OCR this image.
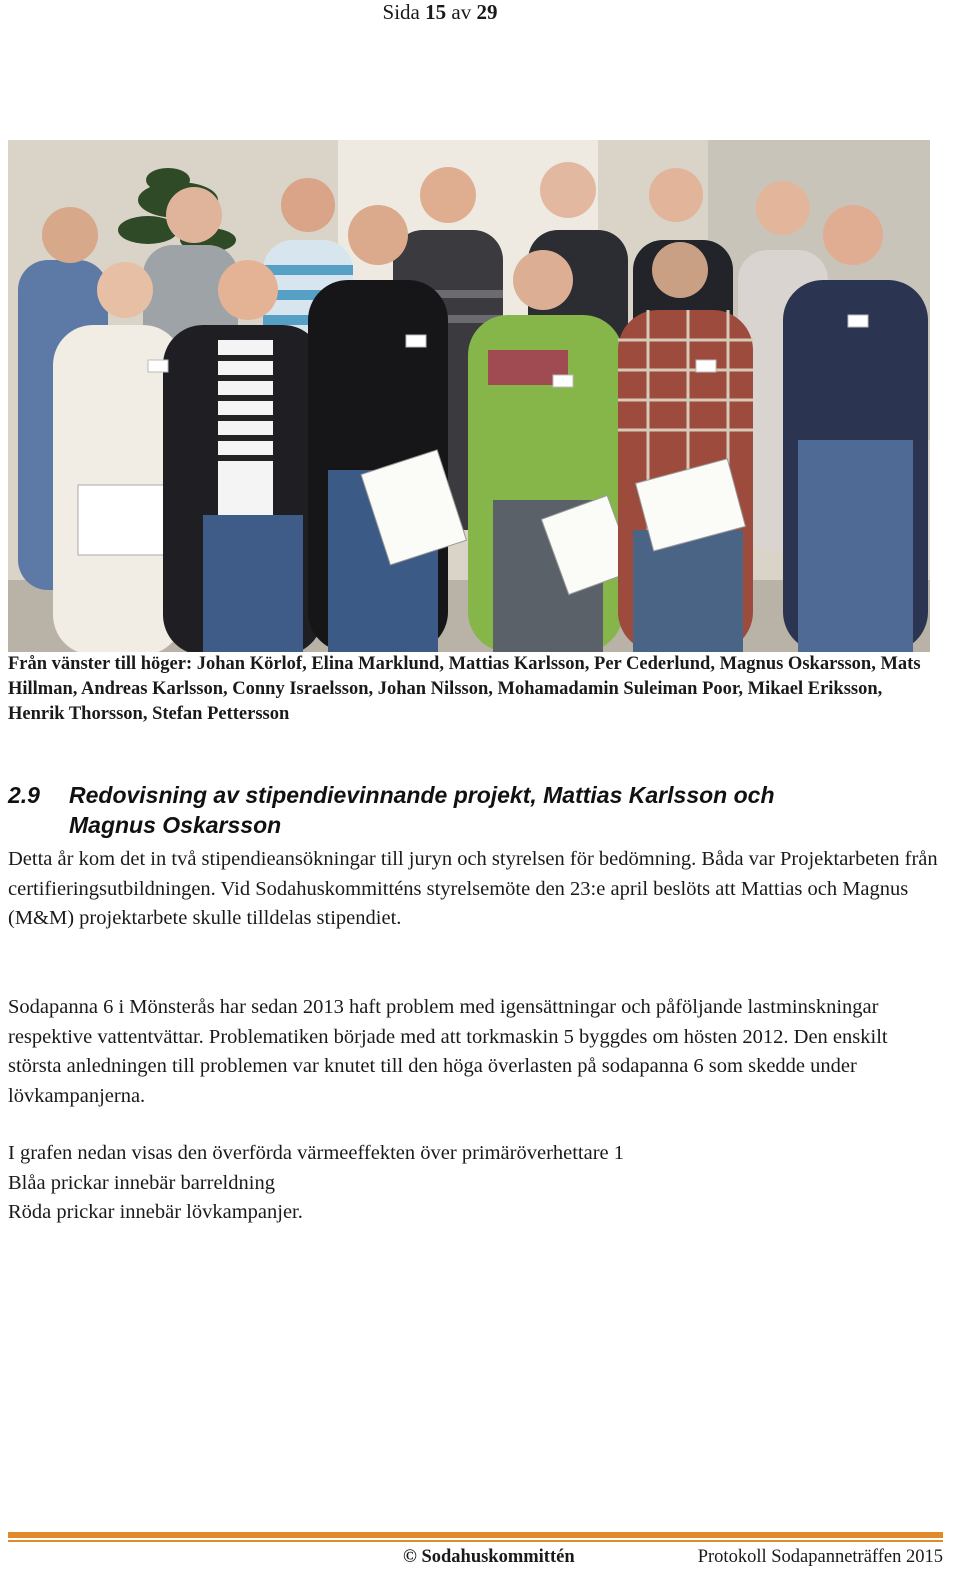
Sida 15 av 29
Från vänster till höger: Johan Körlof, Elina Marklund, Mattias Karlsson, Per Cederlund, Magnus Oskarsson, Mats Hillman, Andreas Karlsson, Conny Israelsson, Johan Nilsson, Mohamadamin Suleiman Poor, Mikael Eriksson, Henrik Thorsson, Stefan Pettersson
2.9 Redovisning av stipendievinnande projekt, Mattias Karlsson och
Magnus Oskarsson

Detta år kom det in två stipendieansökningar till juryn och styrelsen för bedömning. Båda var Projektarbeten från certifieringsutbildningen. Vid Sodahuskommitténs styrelsemöte den 23:e april beslöts att Mattias och Magnus (M&M) projektarbete skulle tilldelas stipendiet.

Sodapanna 6 i Mönsterås har sedan 2013 haft problem med igensättningar och påföljande lastminskningar respektive vattentvättar. Problematiken började med att torkmaskin 5 byggdes om hösten 2012. Den enskilt största anledningen till problemen var knutet till den höga överlasten på sodapanna 6 som skedde under lövkampanjerna.

I grafen nedan visas den överförda värmeeffekten över primäröverhettare 1

Blåa prickar innebär barreldning

Röda prickar innebär lövkampanjer.

© Sodahuskommittén	Protokoll Sodapanneträffen 2015
